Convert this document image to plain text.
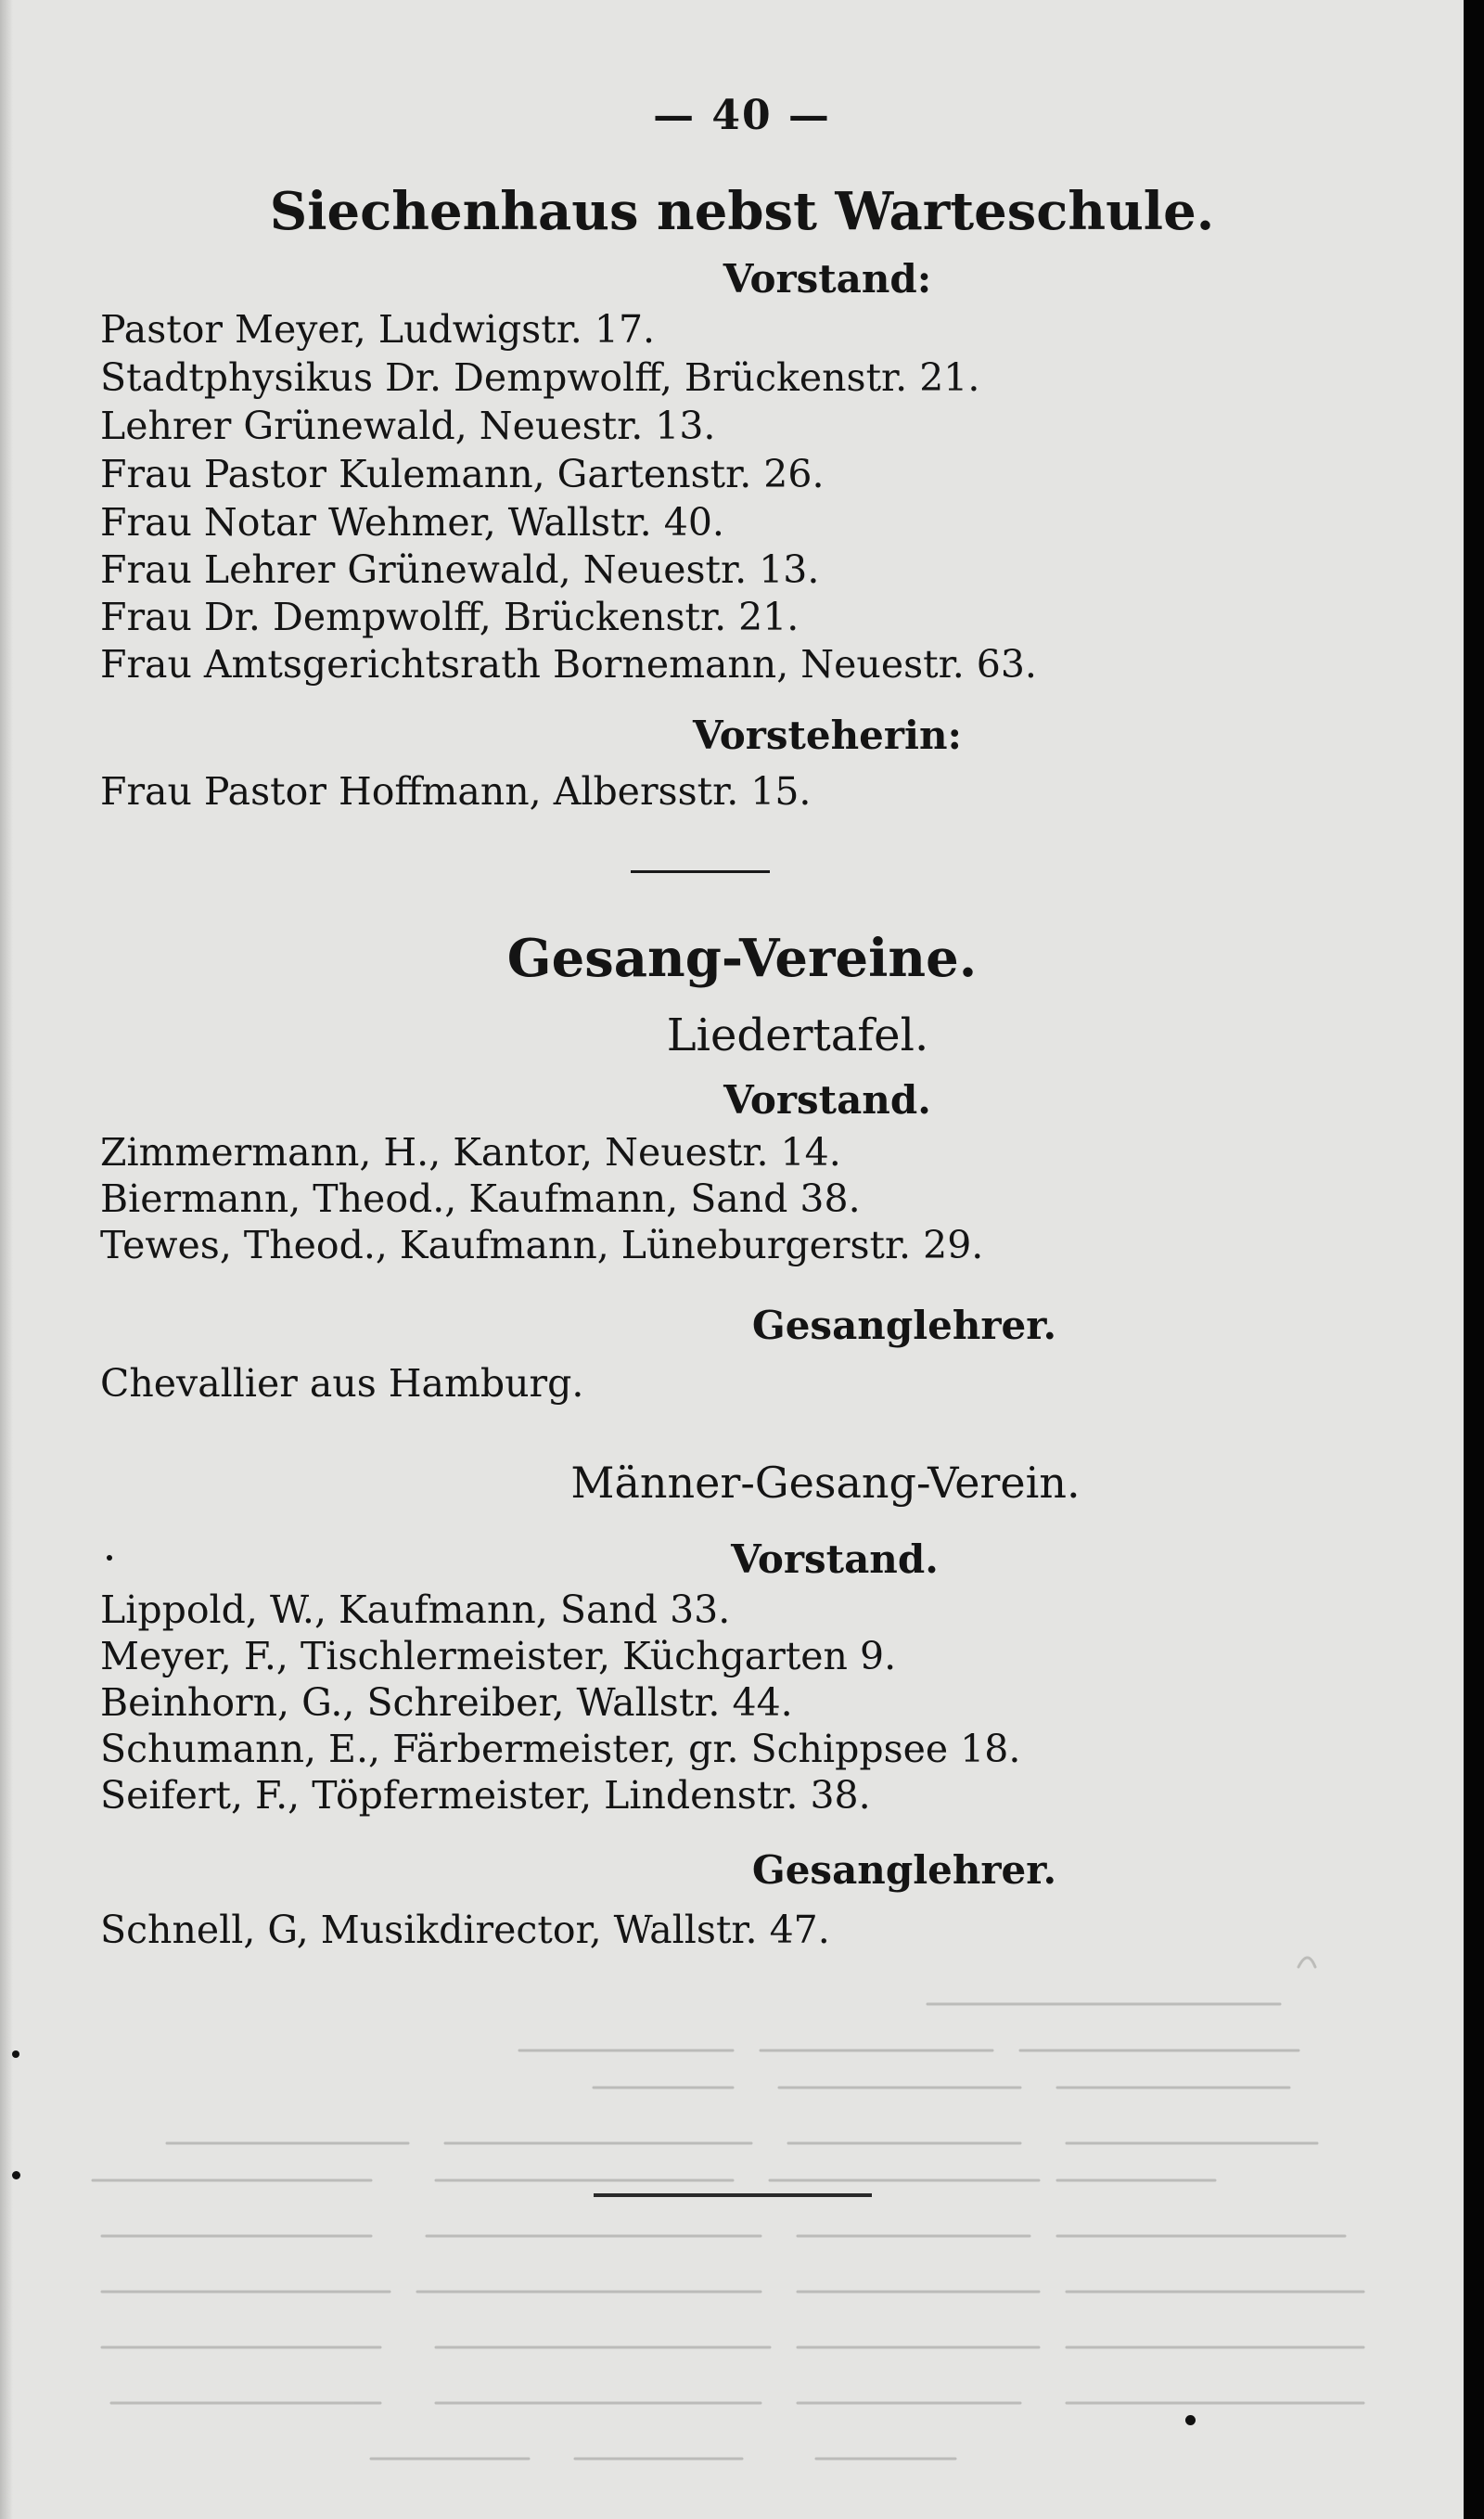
— 40 —
Siechenhaus nebst Warteschule.
Vorstand:
Pastor Meyer, Ludwigstr. 17.
Stadtphysikus Dr. Dempwolff, Brückenstr. 21.
Lehrer Grünewald, Neuestr. 13.
Frau Pastor Kulemann, Gartenstr. 26.
Frau Notar Wehmer, Wallstr. 40.
Frau Lehrer Grünewald, Neuestr. 13.
Frau Dr. Dempwolff, Brückenstr. 21.
Frau Amtsgerichtsrath Bornemann, Neuestr. 63.
Vorsteherin:
Frau Pastor Hoffmann, Albersstr. 15.
Gesang-Vereine.
Liedertafel.
Vorstand.
Zimmermann, H., Kantor, Neuestr. 14.
Biermann, Theod., Kaufmann, Sand 38.
Tewes, Theod., Kaufmann, Lüneburgerstr. 29.
Gesanglehrer.
Chevallier aus Hamburg.
Männer-Gesang-Verein.
Vorstand.
Lippold, W., Kaufmann, Sand 33.
Meyer, F., Tischlermeister, Küchgarten 9.
Beinhorn, G., Schreiber, Wallstr. 44.
Schumann, E., Färbermeister, gr. Schippsee 18.
Seifert, F., Töpfermeister, Lindenstr. 38.
Gesanglehrer.
Schnell, G, Musikdirector, Wallstr. 47.
